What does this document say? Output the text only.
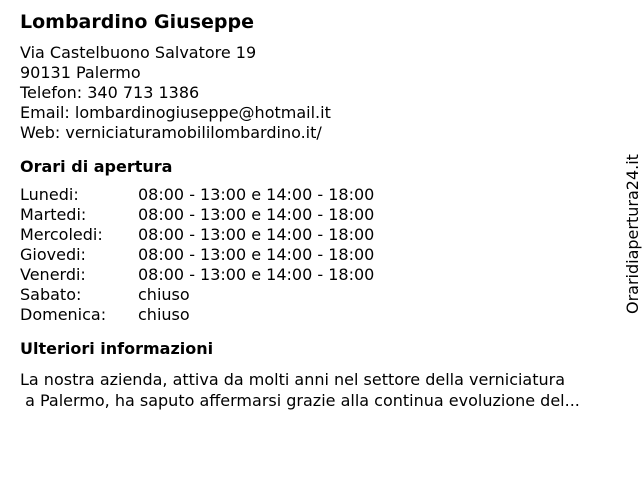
Lombardino Giuseppe
Via Castelbuono Salvatore 19
90131 Palermo
Telefon: 340 713 1386
Email: lombardinogiuseppe@hotmail.it
Web: verniciaturamobililombardino.it/
Orari di apertura
Lunedi:	08:00 - 13:00 e 14:00 - 18:00
Martedi:	08:00 - 13:00 e 14:00 - 18:00
Mercoledi:	08:00 - 13:00 e 14:00 - 18:00
Giovedi:	08:00 - 13:00 e 14:00 - 18:00
Venerdi:	08:00 - 13:00 e 14:00 - 18:00
Sabato:	chiuso
Domenica:	chiuso
Ulteriori informazioni
La nostra azienda, attiva da molti anni nel settore della verniciatura
a Palermo, ha saputo affermarsi grazie alla continua evoluzione del...
Oraridiapertura24.it
